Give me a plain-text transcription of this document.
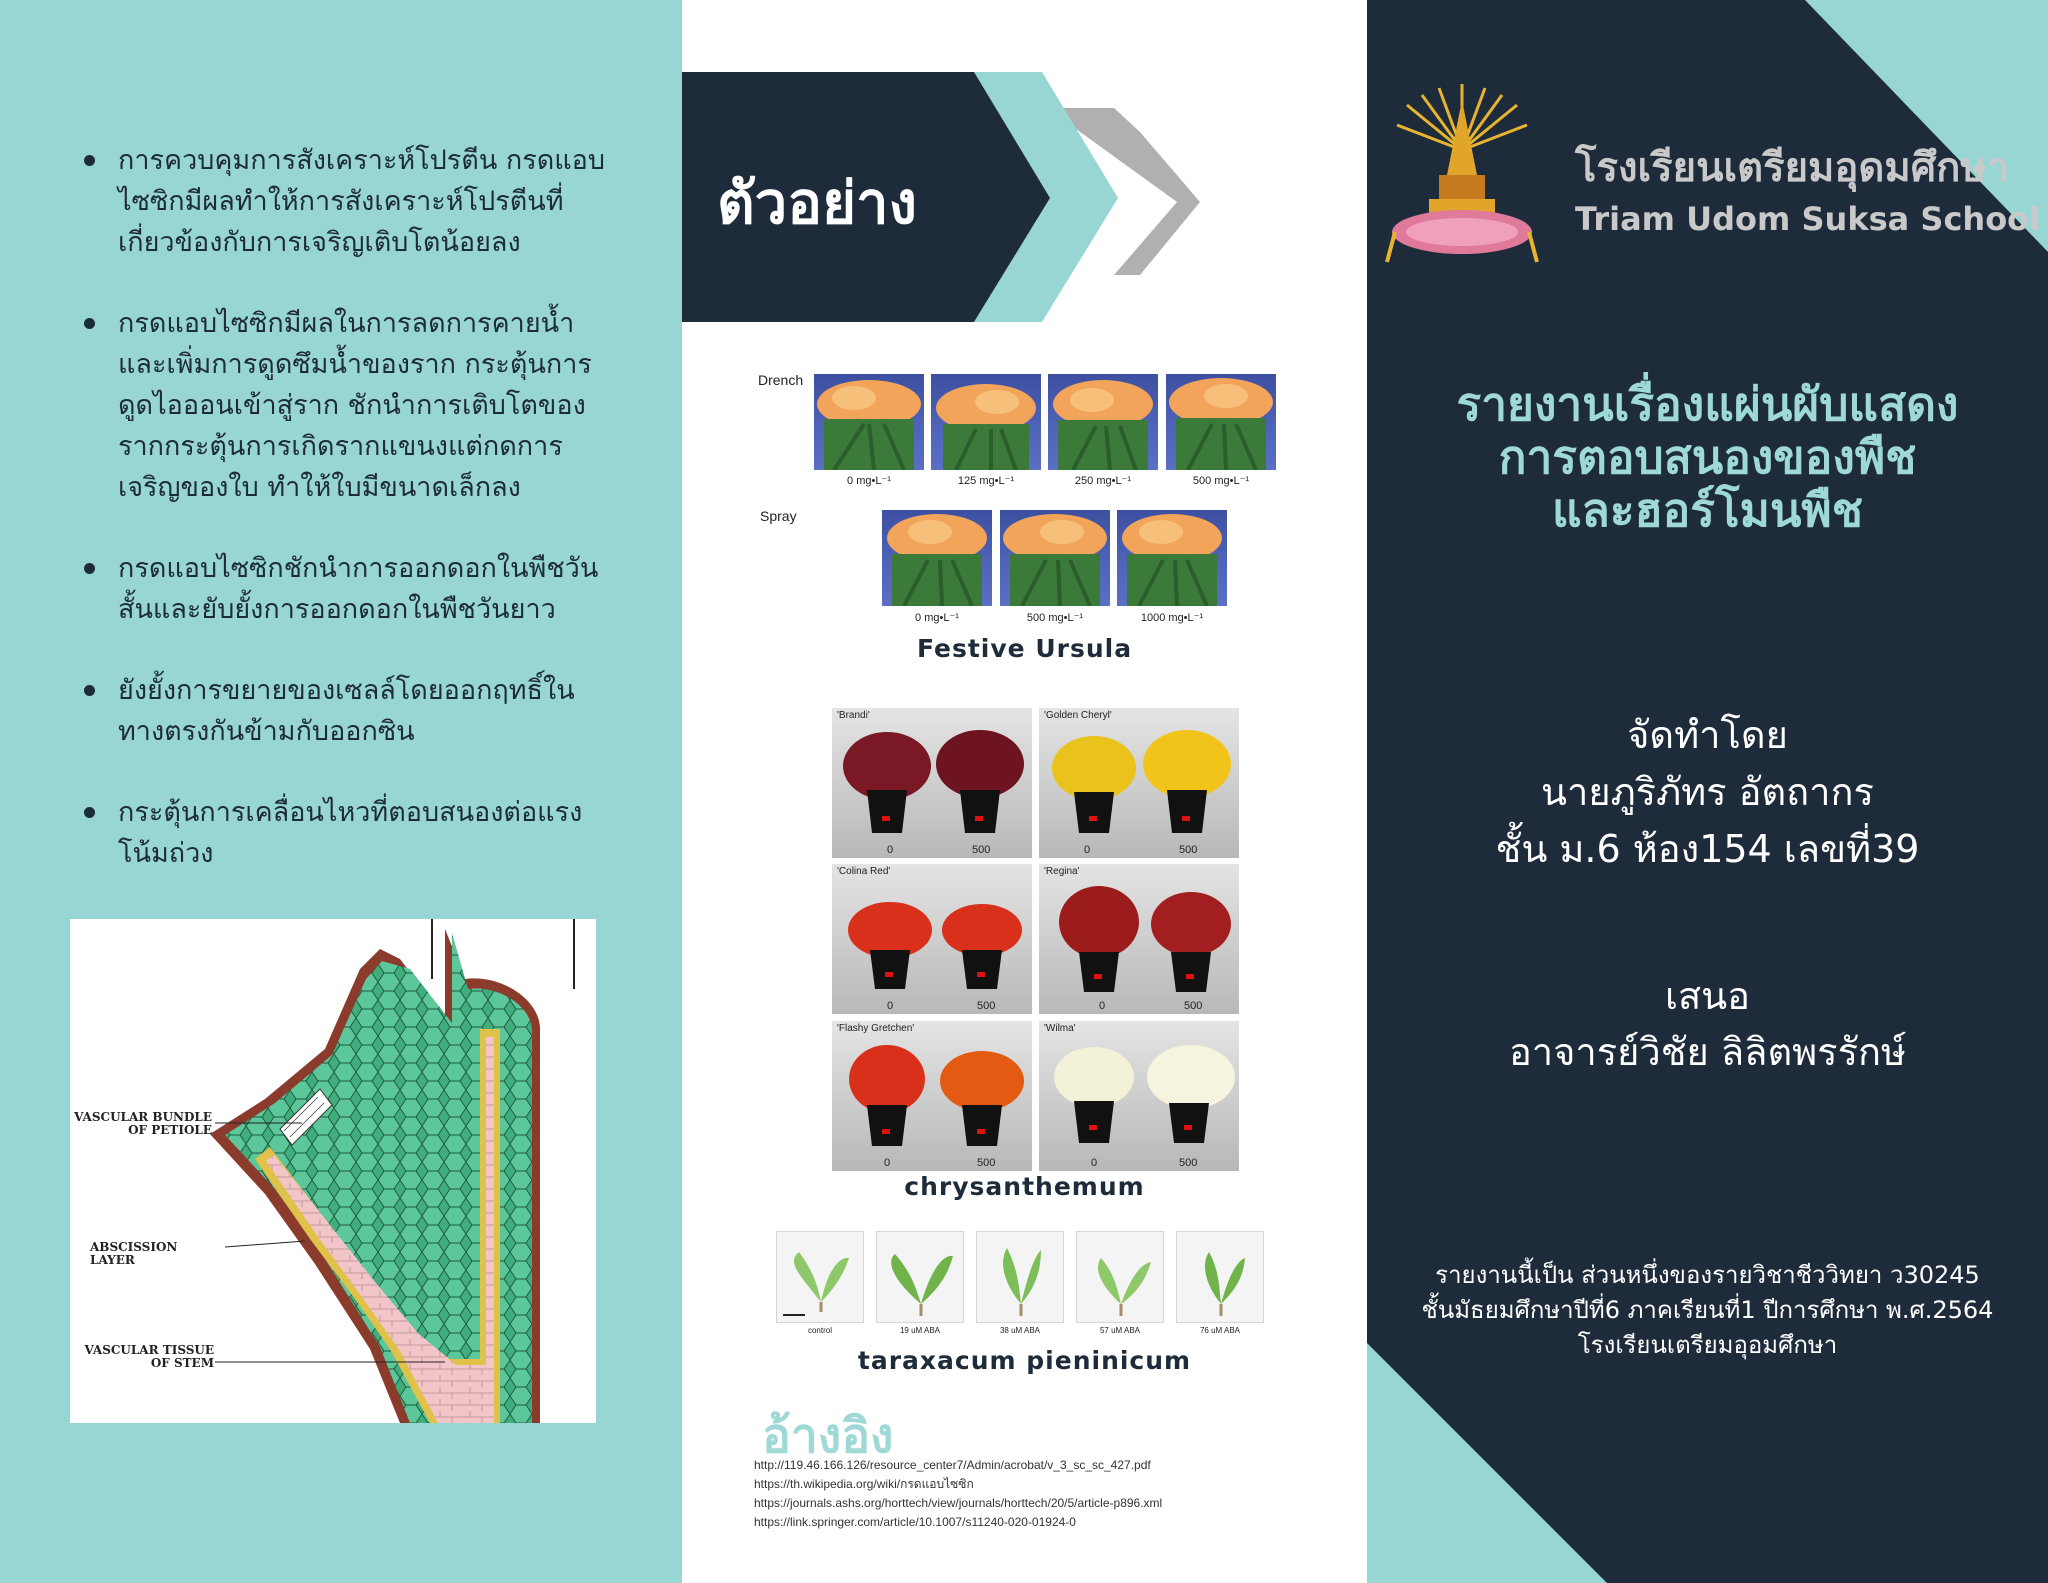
การควบคุมการสังเคราะห์โปรตีน กรดแอบไซซิกมีผลทำให้การสังเคราะห์โปรตีนที่เกี่ยวข้องกับการเจริญเติบโตน้อยลง
กรดแอบไซซิกมีผลในการลดการคายน้ำและเพิ่มการดูดซึมน้ำของราก กระตุ้นการดูดไอออนเข้าสู่ราก ชักนำการเติบโตของรากกระตุ้นการเกิดรากแขนงแต่กดการเจริญของใบ ทำให้ใบมีขนาดเล็กลง
กรดแอบไซซิกชักนำการออกดอกในพืชวันสั้นและยับยั้งการออกดอกในพืชวันยาว
ยังยั้งการขยายของเซลล์โดยออกฤทธิ์ในทางตรงกันข้ามกับออกซิน
กระตุ้นการเคลื่อนไหวที่ตอบสนองต่อแรงโน้มถ่วง
VASCULAR BUNDLE
OF PETIOLE
ABSCISSION LAYER
VASCULAR TISSUE
OF STEM
ตัวอย่าง
Drench
0 mg•L⁻¹	125 mg•L⁻¹	250 mg•L⁻¹	500 mg•L⁻¹
Spray
0 mg•L⁻¹	500 mg•L⁻¹	1000 mg•L⁻¹
Festive Ursula
'Brandi'
0	500
'Golden Cheryl'
0	500
'Colina Red'
0	500
'Regina'
0	500
'Flashy Gretchen'
0	500
'Wilma'
0	500
chrysanthemum
control	19 uM ABA	38 uM ABA	57 uM ABA	76 uM ABA
taraxacum pieninicum
อ้างอิง
http://119.46.166.126/resource_center7/Admin/acrobat/v_3_sc_sc_427.pdf
https://th.wikipedia.org/wiki/กรดแอบไซซิก
https://journals.ashs.org/horttech/view/journals/horttech/20/5/article-p896.xml
https://link.springer.com/article/10.1007/s11240-020-01924-0
โรงเรียนเตรียมอุดมศึกษา
Triam Udom Suksa School
รายงานเรื่องแผ่นผับแสดง
การตอบสนองของพืช
และฮอร์โมนพืช
จัดทำโดย
นายภูริภัทร อัตถากร
ชั้น ม.6 ห้อง154 เลขที่39
เสนอ
อาจารย์วิชัย ลิลิตพรรักษ์
รายงานนี้เป็น ส่วนหนึ่งของรายวิชาชีววิทยา ว30245
ชั้นมัธยมศึกษาปีที่6 ภาคเรียนที่1 ปีการศึกษา พ.ศ.2564
โรงเรียนเตรียมอุอมศึกษา
